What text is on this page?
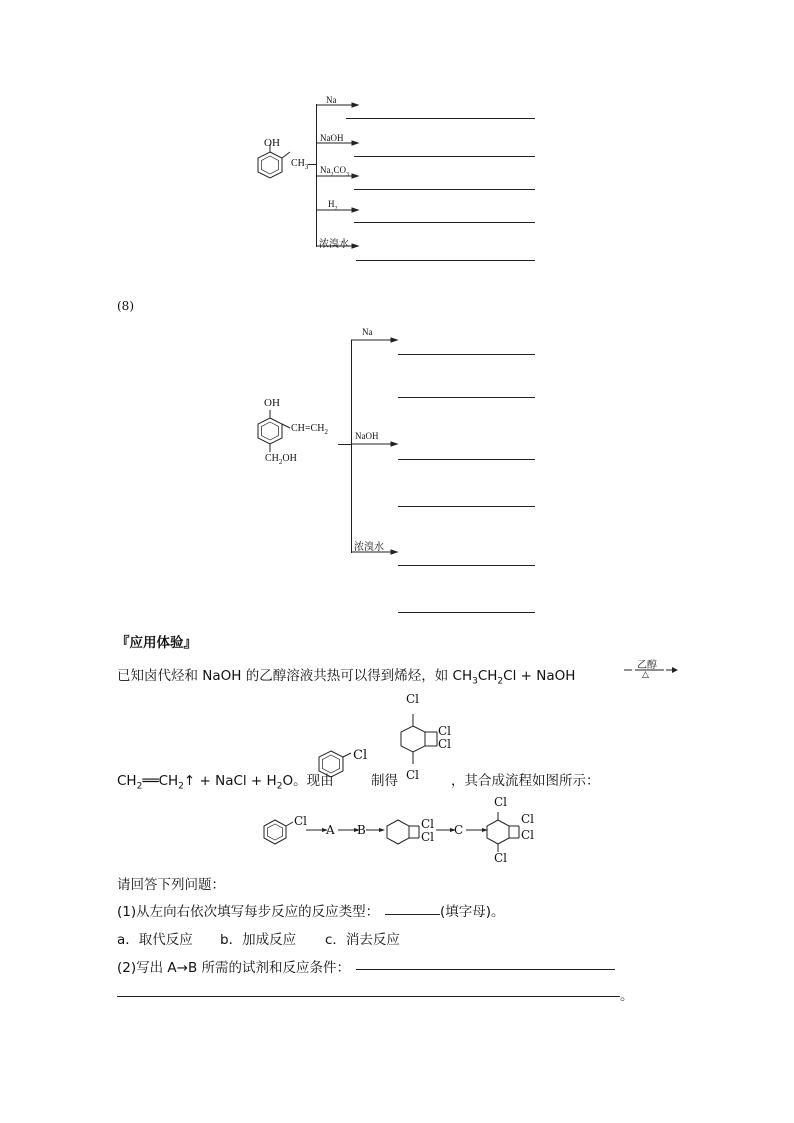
OH
$CH_3$
Na
NaOH
$Na_2CO_3$
$H_2$
浓溴水
(8)
OH
$CH=CH_2$
$CH_2OH$
Na
NaOH
浓溴水
『应用体验』
已知卤代烃和 NaOH 的乙醇溶液共热可以得到烯烃，如 $CH_3CH_2Cl$ + NaOH
乙醇
△
$CH_2══CH_2↑$ + NaCl + $H_2O$。现由
Cl
制得
Cl
Cl
Cl
Cl ，其合成流程如图所示：
Cl
A B	Cl
Cl C
Cl
Cl
Cl
Cl
请回答下列问题：
(1)从左向右依次填写每步反应的反应类型：	(填字母)。
a．取代反应 b．加成反应 c．消去反应
(2)写出 A→B 所需的试剂和反应条件：
。
